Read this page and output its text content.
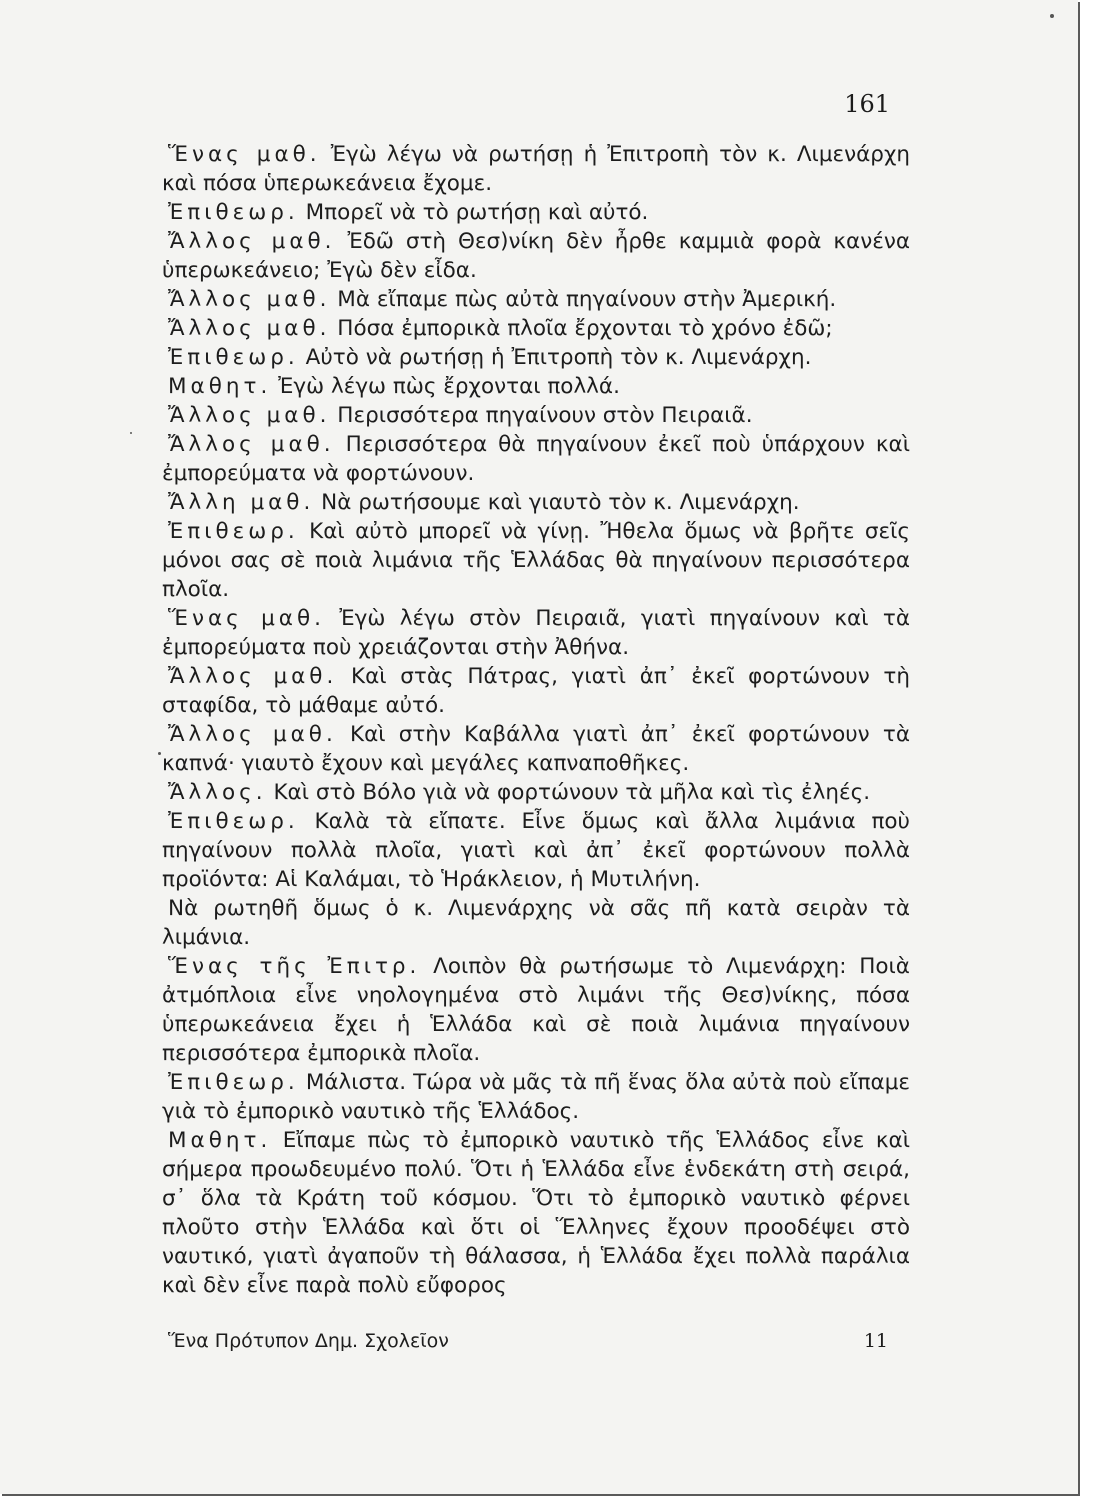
161

Ἕνας μαθ. Ἐγὼ λέγω νὰ ρωτήσῃ ἡ Ἐπιτροπὴ τὸν κ. Λιμενάρχη καὶ πόσα ὑπερωκεάνεια ἔχομε.

Ἐπιθεωρ. Μπορεῖ νὰ τὸ ρωτήσῃ καὶ αὐτό.

Ἄλλος μαθ. Ἐδῶ στὴ Θεσ)νίκη δὲν ἦρθε καμμιὰ φορὰ κανένα ὑπερωκεάνειο; Ἐγὼ δὲν εἶδα.

Ἄλλος μαθ. Μὰ εἴπαμε πὼς αὐτὰ πηγαίνουν στὴν Ἀμερική.

Ἄλλος μαθ. Πόσα ἐμπορικὰ πλοῖα ἔρχονται τὸ χρόνο ἐδῶ;

Ἐπιθεωρ. Αὐτὸ νὰ ρωτήσῃ ἡ Ἐπιτροπὴ τὸν κ. Λιμενάρχη.

Μαθητ. Ἐγὼ λέγω πὼς ἔρχονται πολλά.

Ἄλλος μαθ. Περισσότερα πηγαίνουν στὸν Πειραιᾶ.

Ἄλλος μαθ. Περισσότερα θὰ πηγαίνουν ἐκεῖ ποὺ ὑπάρχουν καὶ ἐμπορεύματα νὰ φορτώνουν.

Ἄλλη μαθ. Νὰ ρωτήσουμε καὶ γιαυτὸ τὸν κ. Λιμενάρχη.

Ἐπιθεωρ. Καὶ αὐτὸ μπορεῖ νὰ γίνῃ. Ἤθελα ὅμως νὰ βρῆτε σεῖς μόνοι σας σὲ ποιὰ λιμάνια τῆς Ἑλλάδας θὰ πηγαίνουν περισσότερα πλοῖα.

Ἕνας μαθ. Ἐγὼ λέγω στὸν Πειραιᾶ, γιατὶ πηγαίνουν καὶ τὰ ἐμπορεύματα ποὺ χρειάζονται στὴν Ἀθήνα.

Ἄλλος μαθ. Καὶ στὰς Πάτρας, γιατὶ ἀπ᾿ ἐκεῖ φορτώνουν τὴ σταφίδα, τὸ μάθαμε αὐτό.

Ἄλλος μαθ. Καὶ στὴν Καβάλλα γιατὶ ἀπ᾿ ἐκεῖ φορτώνουν τὰ καπνά· γιαυτὸ ἔχουν καὶ μεγάλες καπναποθῆκες.

Ἄλλος. Καὶ στὸ Βόλο γιὰ νὰ φορτώνουν τὰ μῆλα καὶ τὶς ἐληές.

Ἐπιθεωρ. Καλὰ τὰ εἴπατε. Εἶνε ὅμως καὶ ἄλλα λιμάνια ποὺ πηγαίνουν πολλὰ πλοῖα, γιατὶ καὶ ἀπ᾿ ἐκεῖ φορτώνουν πολλὰ προϊόντα: Αἱ Καλάμαι, τὸ Ἡράκλειον, ἡ Μυτιλήνη.

Νὰ ρωτηθῆ ὅμως ὁ κ. Λιμενάρχης νὰ σᾶς πῆ κατὰ σειρὰν τὰ λιμάνια.

Ἕνας τῆς Ἐπιτρ. Λοιπὸν θὰ ρωτήσωμε τὸ Λιμενάρχη: Ποιὰ ἀτμόπλοια εἶνε νηολογημένα στὸ λιμάνι τῆς Θεσ)νίκης, πόσα ὑπερωκεάνεια ἔχει ἡ Ἑλλάδα καὶ σὲ ποιὰ λιμάνια πηγαίνουν περισσότερα ἐμπορικὰ πλοῖα.

Ἐπιθεωρ. Μάλιστα. Τώρα νὰ μᾶς τὰ πῆ ἕνας ὅλα αὐτὰ ποὺ εἴπαμε γιὰ τὸ ἐμπορικὸ ναυτικὸ τῆς Ἑλλάδος.

Μαθητ. Εἴπαμε πὼς τὸ ἐμπορικὸ ναυτικὸ τῆς Ἑλλάδος εἶνε καὶ σήμερα προωδευμένο πολύ. Ὅτι ἡ Ἑλλάδα εἶνε ἑνδεκάτη στὴ σειρά, σ᾿ ὅλα τὰ Κράτη τοῦ κόσμου. Ὅτι τὸ ἐμπορικὸ ναυτικὸ φέρνει πλοῦτο στὴν Ἑλλάδα καὶ ὅτι οἱ Ἕλληνες ἔχουν προοδέψει στὸ ναυτικό, γιατὶ ἀγαποῦν τὴ θάλασσα, ἡ Ἑλλάδα ἔχει πολλὰ παράλια καὶ δὲν εἶνε παρὰ πολὺ εὔφορος

Ἕνα Πρότυπον Δημ. Σχολεῖον	11
